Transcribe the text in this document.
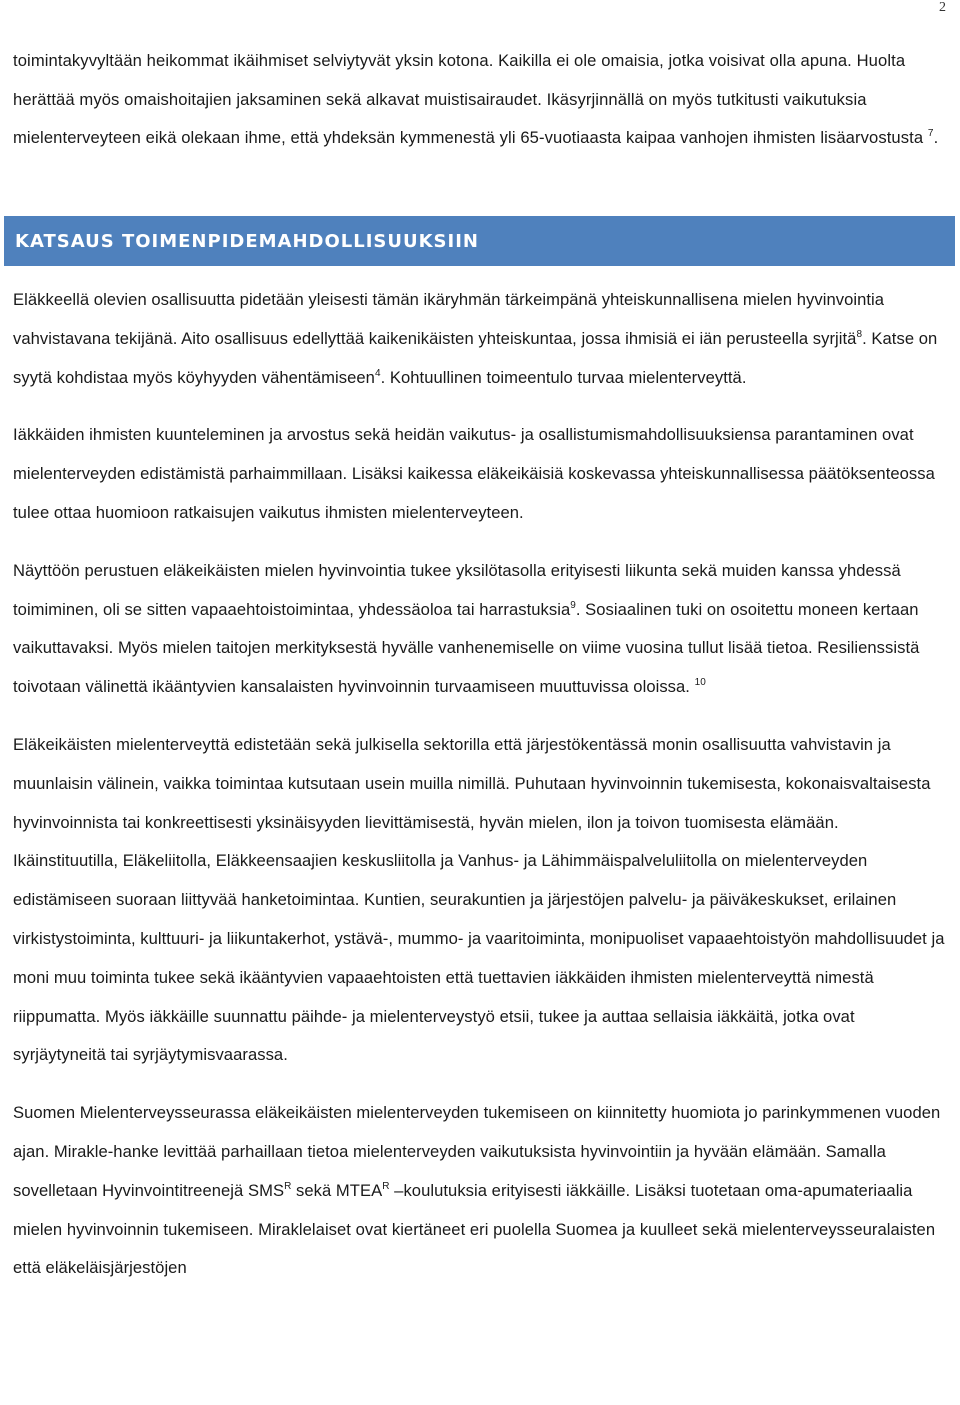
2

toimintakyvyltään heikommat ikäihmiset selviytyvät yksin kotona. Kaikilla ei ole omaisia, jotka voisivat olla apuna. Huolta herättää myös omaishoitajien jaksaminen sekä alkavat muistisairaudet. Ikäsyrjinnällä on myös tutkitusti vaikutuksia mielenterveyteen eikä olekaan ihme, että yhdeksän kymmenestä yli 65-vuotiaasta kaipaa vanhojen ihmisten lisäarvostusta $^7$.

KATSAUS TOIMENPIDEMAHDOLLISUUKSIIN

Eläkkeellä olevien osallisuutta pidetään yleisesti tämän ikäryhmän tärkeimpänä yhteiskunnallisena mielen hyvinvointia vahvistavana tekijänä. Aito osallisuus edellyttää kaikenikäisten yhteiskuntaa, jossa ihmisiä ei iän perusteella syrjitä$^8$. Katse on syytä kohdistaa myös köyhyyden vähentämiseen$^4$. Kohtuullinen toimeentulo turvaa mielenterveyttä.

Iäkkäiden ihmisten kuunteleminen ja arvostus sekä heidän vaikutus- ja osallistumismahdollisuuksiensa parantaminen ovat mielenterveyden edistämistä parhaimmillaan. Lisäksi kaikessa eläkeikäisiä koskevassa yhteiskunnallisessa päätöksenteossa tulee ottaa huomioon ratkaisujen vaikutus ihmisten mielenterveyteen.

Näyttöön perustuen eläkeikäisten mielen hyvinvointia tukee yksilötasolla erityisesti liikunta sekä muiden kanssa yhdessä toimiminen, oli se sitten vapaaehtoistoimintaa, yhdessäoloa tai harrastuksia$^9$. Sosiaalinen tuki on osoitettu moneen kertaan vaikuttavaksi. Myös mielen taitojen merkityksestä hyvälle vanhenemiselle on viime vuosina tullut lisää tietoa. Resilienssistä toivotaan välinettä ikääntyvien kansalaisten hyvinvoinnin turvaamiseen muuttuvissa oloissa. $^{10}$

Eläkeikäisten mielenterveyttä edistetään sekä julkisella sektorilla että järjestökentässä monin osallisuutta vahvistavin ja muunlaisin välinein, vaikka toimintaa kutsutaan usein muilla nimillä. Puhutaan hyvinvoinnin tukemisesta, kokonaisvaltaisesta hyvinvoinnista tai konkreettisesti yksinäisyyden lievittämisestä, hyvän mielen, ilon ja toivon tuomisesta elämään. Ikäinstituutilla, Eläkeliitolla, Eläkkeensaajien keskusliitolla ja Vanhus- ja Lähimmäispalveluliitolla on mielenterveyden edistämiseen suoraan liittyvää hanketoimintaa. Kuntien, seurakuntien ja järjestöjen palvelu- ja päiväkeskukset, erilainen virkistystoiminta, kulttuuri- ja liikuntakerhot, ystävä-, mummo- ja vaaritoiminta, monipuoliset vapaaehtoistyön mahdollisuudet ja moni muu toiminta tukee sekä ikääntyvien vapaaehtoisten että tuettavien iäkkäiden ihmisten mielenterveyttä nimestä riippumatta. Myös iäkkäille suunnattu päihde- ja mielenterveystyö etsii, tukee ja auttaa sellaisia iäkkäitä, jotka ovat syrjäytyneitä tai syrjäytymisvaarassa.

Suomen Mielenterveysseurassa eläkeikäisten mielenterveyden tukemiseen on kiinnitetty huomiota jo parinkymmenen vuoden ajan. Mirakle-hanke levittää parhaillaan tietoa mielenterveyden vaikutuksista hyvinvointiin ja hyvään elämään. Samalla sovelletaan Hyvinvointitreenejä $SMS^R$ sekä $MTEA^R$ –koulutuksia erityisesti iäkkäille. Lisäksi tuotetaan oma-apumateriaalia mielen hyvinvoinnin tukemiseen. Miraklelaiset ovat kiertäneet eri puolella Suomea ja kuulleet sekä mielenterveysseuralaisten että eläkeläisjärjestöjen
